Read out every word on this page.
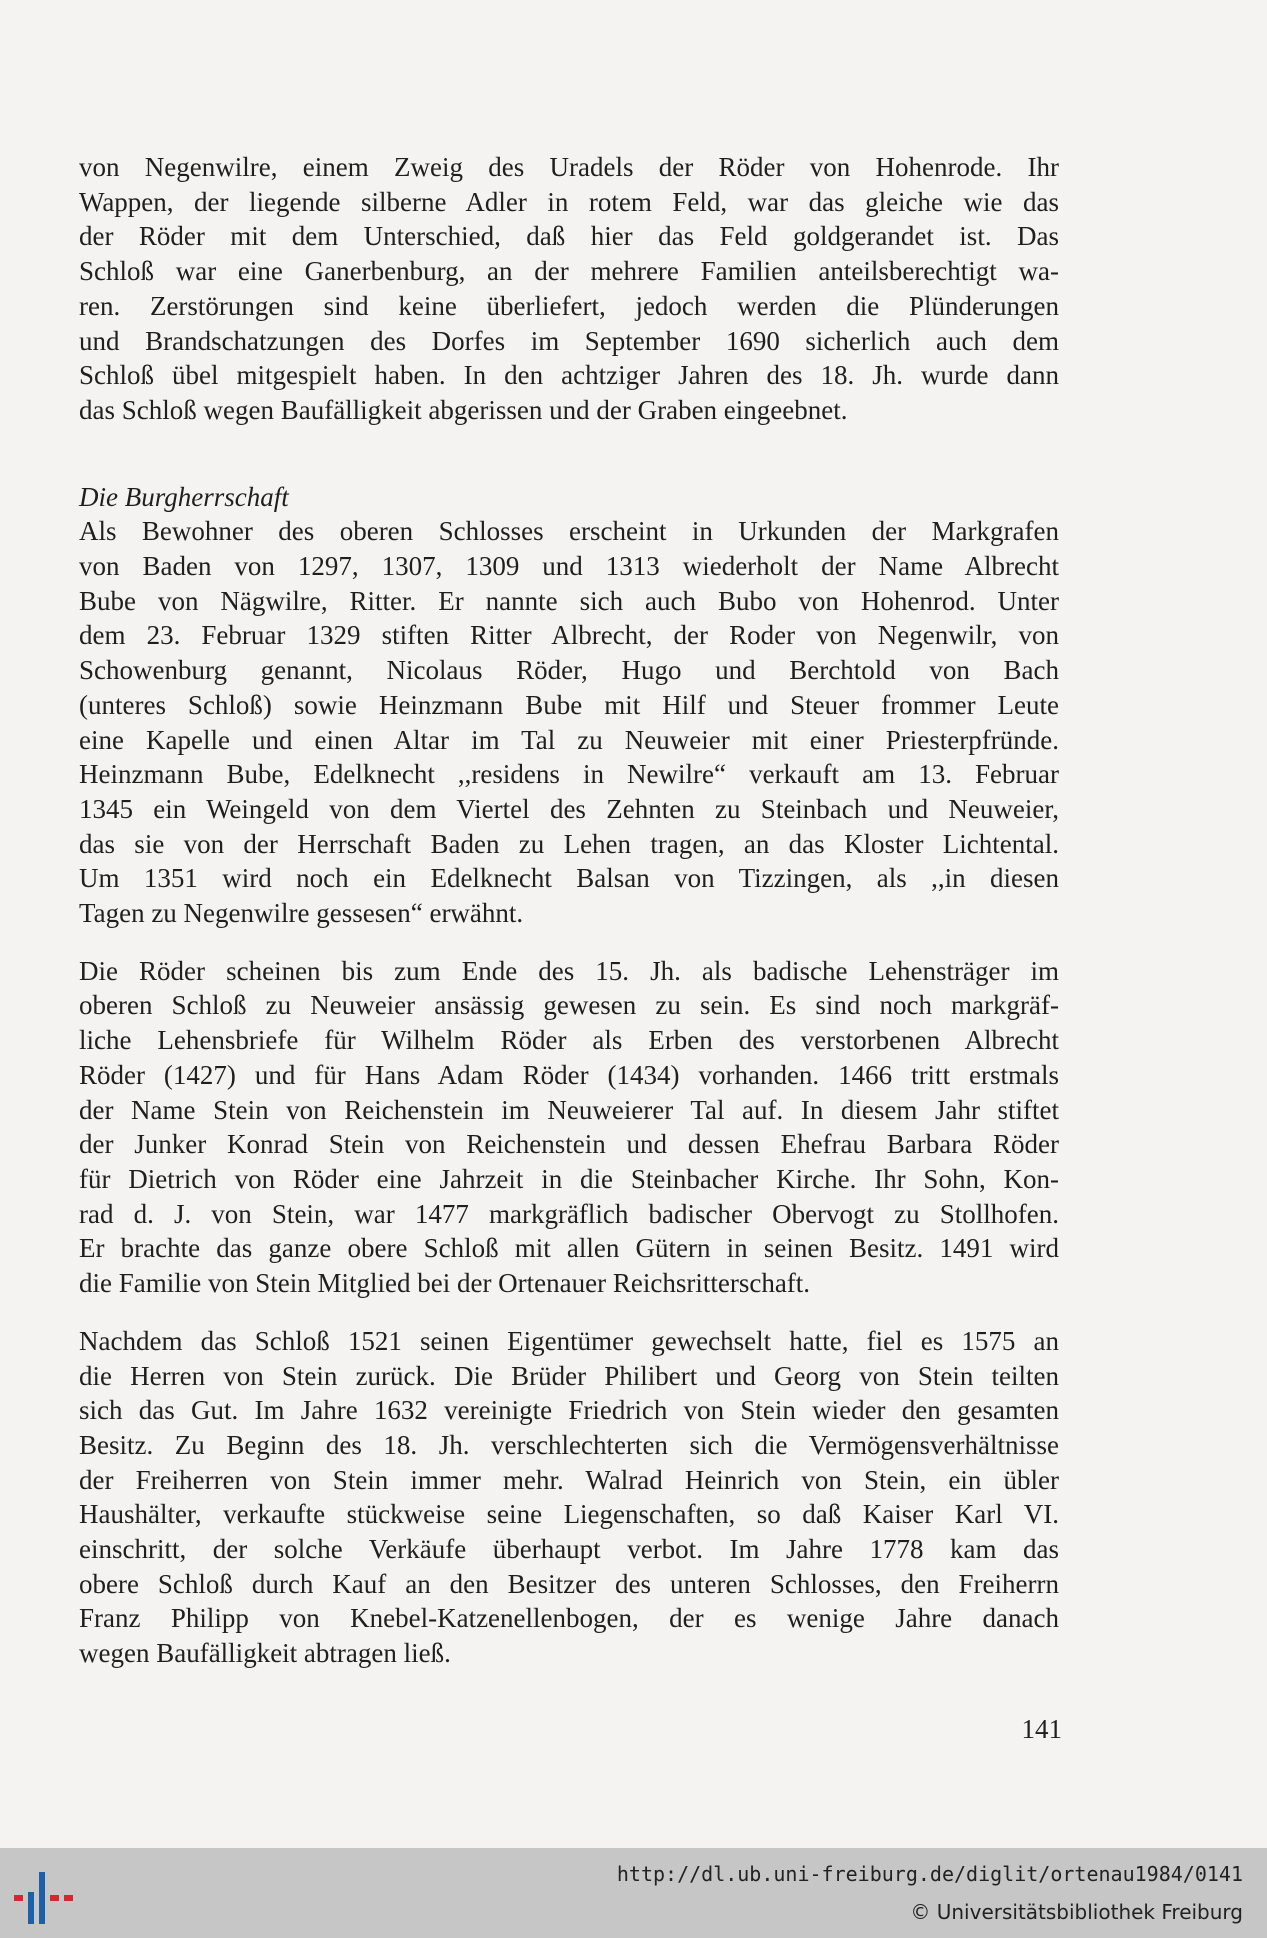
von Negenwilre, einem Zweig des Uradels der Röder von Hohenrode. Ihr
Wappen, der liegende silberne Adler in rotem Feld, war das gleiche wie das
der Röder mit dem Unterschied, daß hier das Feld goldgerandet ist. Das
Schloß war eine Ganerbenburg, an der mehrere Familien anteilsberechtigt wa-
ren. Zerstörungen sind keine überliefert, jedoch werden die Plünderungen
und Brandschatzungen des Dorfes im September 1690 sicherlich auch dem
Schloß übel mitgespielt haben. In den achtziger Jahren des 18. Jh. wurde dann
das Schloß wegen Baufälligkeit abgerissen und der Graben eingeebnet.
Die Burgherrschaft
Als Bewohner des oberen Schlosses erscheint in Urkunden der Markgrafen
von Baden von 1297, 1307, 1309 und 1313 wiederholt der Name Albrecht
Bube von Nägwilre, Ritter. Er nannte sich auch Bubo von Hohenrod. Unter
dem 23. Februar 1329 stiften Ritter Albrecht, der Roder von Negenwilr, von
Schowenburg genannt, Nicolaus Röder, Hugo und Berchtold von Bach
(unteres Schloß) sowie Heinzmann Bube mit Hilf und Steuer frommer Leute
eine Kapelle und einen Altar im Tal zu Neuweier mit einer Priesterpfründe.
Heinzmann Bube, Edelknecht ,,residens in Newilre“ verkauft am 13. Februar
1345 ein Weingeld von dem Viertel des Zehnten zu Steinbach und Neuweier,
das sie von der Herrschaft Baden zu Lehen tragen, an das Kloster Lichtental.
Um 1351 wird noch ein Edelknecht Balsan von Tizzingen, als ,,in diesen
Tagen zu Negenwilre gessesen“ erwähnt.
Die Röder scheinen bis zum Ende des 15. Jh. als badische Lehensträger im
oberen Schloß zu Neuweier ansässig gewesen zu sein. Es sind noch markgräf-
liche Lehensbriefe für Wilhelm Röder als Erben des verstorbenen Albrecht
Röder (1427) und für Hans Adam Röder (1434) vorhanden. 1466 tritt erstmals
der Name Stein von Reichenstein im Neuweierer Tal auf. In diesem Jahr stiftet
der Junker Konrad Stein von Reichenstein und dessen Ehefrau Barbara Röder
für Dietrich von Röder eine Jahrzeit in die Steinbacher Kirche. Ihr Sohn, Kon-
rad d. J. von Stein, war 1477 markgräflich badischer Obervogt zu Stollhofen.
Er brachte das ganze obere Schloß mit allen Gütern in seinen Besitz. 1491 wird
die Familie von Stein Mitglied bei der Ortenauer Reichsritterschaft.
Nachdem das Schloß 1521 seinen Eigentümer gewechselt hatte, fiel es 1575 an
die Herren von Stein zurück. Die Brüder Philibert und Georg von Stein teilten
sich das Gut. Im Jahre 1632 vereinigte Friedrich von Stein wieder den gesamten
Besitz. Zu Beginn des 18. Jh. verschlechterten sich die Vermögensverhältnisse
der Freiherren von Stein immer mehr. Walrad Heinrich von Stein, ein übler
Haushälter, verkaufte stückweise seine Liegenschaften, so daß Kaiser Karl VI.
einschritt, der solche Verkäufe überhaupt verbot. Im Jahre 1778 kam das
obere Schloß durch Kauf an den Besitzer des unteren Schlosses, den Freiherrn
Franz Philipp von Knebel-Katzenellenbogen, der es wenige Jahre danach
wegen Baufälligkeit abtragen ließ.
141
http://dl.ub.uni-freiburg.de/diglit/ortenau1984/0141
© Universitätsbibliothek Freiburg
